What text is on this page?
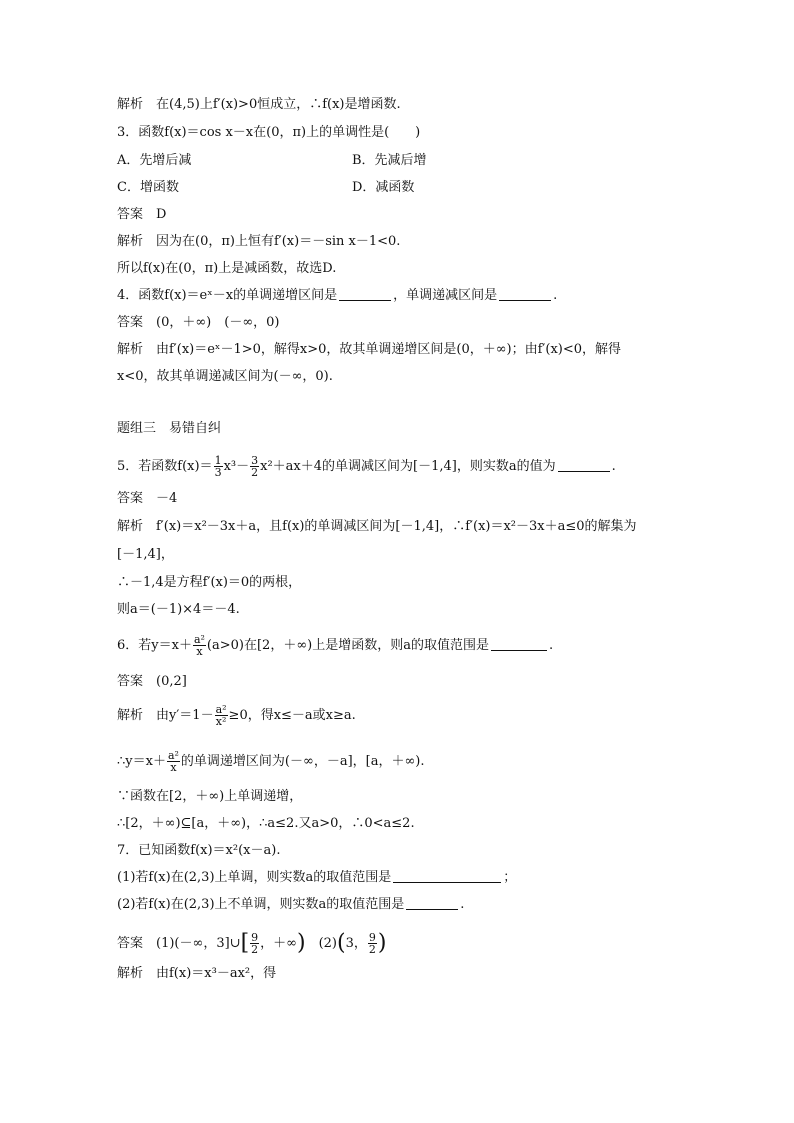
解析　在(4,5)上f′(x)>0恒成立，∴f(x)是增函数.
3．函数f(x)＝cos x－x在(0，π)上的单调性是(　　)
A．先增后减	B．先减后增
C．增函数	D．减函数
答案　D
解析　因为在(0，π)上恒有f′(x)＝－sin x－1<0.
所以f(x)在(0，π)上是减函数，故选D.
4．函数f(x)＝eˣ－x的单调递增区间是	，单调递减区间是	.
答案　(0，＋∞)　(－∞，0)
解析　由f′(x)＝eˣ－1>0，解得x>0，故其单调递增区间是(0，＋∞)；由f′(x)<0，解得
x<0，故其单调递减区间为(－∞，0).
题组三　易错自纠
5．若函数$f(x)= \frac{1}{3} x^3- \frac{3}{2} x^2+ax+4$的单调减区间为[－1,4]，则实数a的值为	.
答案　－4
解析　f′(x)＝x²－3x＋a，且f(x)的单调减区间为[－1,4]，∴f′(x)＝x²－3x＋a≤0的解集为
[－1,4]，
∴－1,4是方程f′(x)＝0的两根，
则a＝(－1)×4＝－4.
6．若$y=x+ \frac{\text{a²}}{x} (a>0)$在[2，＋∞)上是增函数，则a的取值范围是	.
答案　(0,2]
解析　由$y'=1- \frac{\text{a²}}{\text{x²}} \ge 0$，得x≤－a或x≥a.
∴y＝x＋ $\frac{\text{a²}}{x}$ 的单调递增区间为(－∞，－a]，[a，＋∞).
∵函数在[2，＋∞)上单调递增，
∴[2，＋∞)⊆[a，＋∞)，∴a≤2.又a>0，∴0<a≤2.
7．已知函数f(x)＝x²(x－a).
(1)若f(x)在(2,3)上单调，则实数a的取值范围是	；
(2)若f(x)在(2,3)上不单调，则实数a的取值范围是	.
答案　(1)(－∞，3]∪[ $\frac{9}{2}$ ，＋∞)　(2)(3， $\frac{9}{2}$ )
解析　由f(x)＝x³－ax²，得
